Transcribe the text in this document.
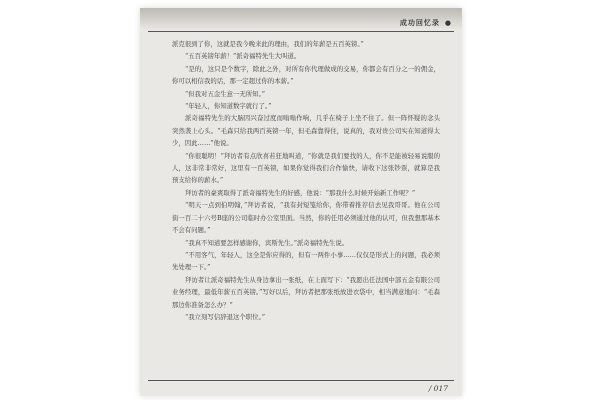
成功回忆录 ●

派克很到了你，这就是我今晚来此的理由，我们的年薪是五百英镑。”

“五百英镑年薪！”派奇福特先生大叫道。

“是的，这只是个数字，除此之外，对所有你代理做成的交易，你都会有百分之一的佣金，你可以相信我的话，那一定超过你的本薪。”

“但我对五金生意一无所知。”

“年轻人，你知道数字就行了。”

派奇福特先生的大脑因兴奋过度而嗡嗡作响，几乎在椅子上坐不住了。但一阵怀疑的念头突然袭上心头。“毛森只给我两百英镑一年，但毛森靠得住，说真的，我对贵公司实在知道得太少，因此……”他说。

“你很聪明！”拜访者有点欣喜若狂地叫道，“你就是我们要找的人，你不是能被轻易说服的人，这非常非常好，这里有一百英镑，如果你觉得我们合作愉快，请收下这张钞票，就算是我预支给你的薪水。”

拜访者的豪爽取得了派奇福特先生的好感，他说：“那我什么时候开始新工作呢？”

“明天一点到伯明翰，”拜访者说，“我有封短笺给你，你带着推荐信去见我哥哥。他在公司街一百二十六号B座的公司临时办公室里面。当然，你的任用必须通过他的认可，但我想那基本不会有问题。”

“我真不知道要怎样感谢你，宾斯先生。”派奇福特先生说。

“不用客气，年轻人，这全是你应得的，但有一两件小事……仅仅是形式上的问题，我必须先处理一下。”

拜访者让派奇福特先生从身边拿出一张纸，在上面写下：“我愿出任法国中部五金有限公司业务经理，最低年薪五百英镑。”写好以后，拜访者把那张纸放进衣袋中，相当满意地问：“毛森那边你准备怎么办？”

“我立刻写信辞退这个职位。”

/ 017
